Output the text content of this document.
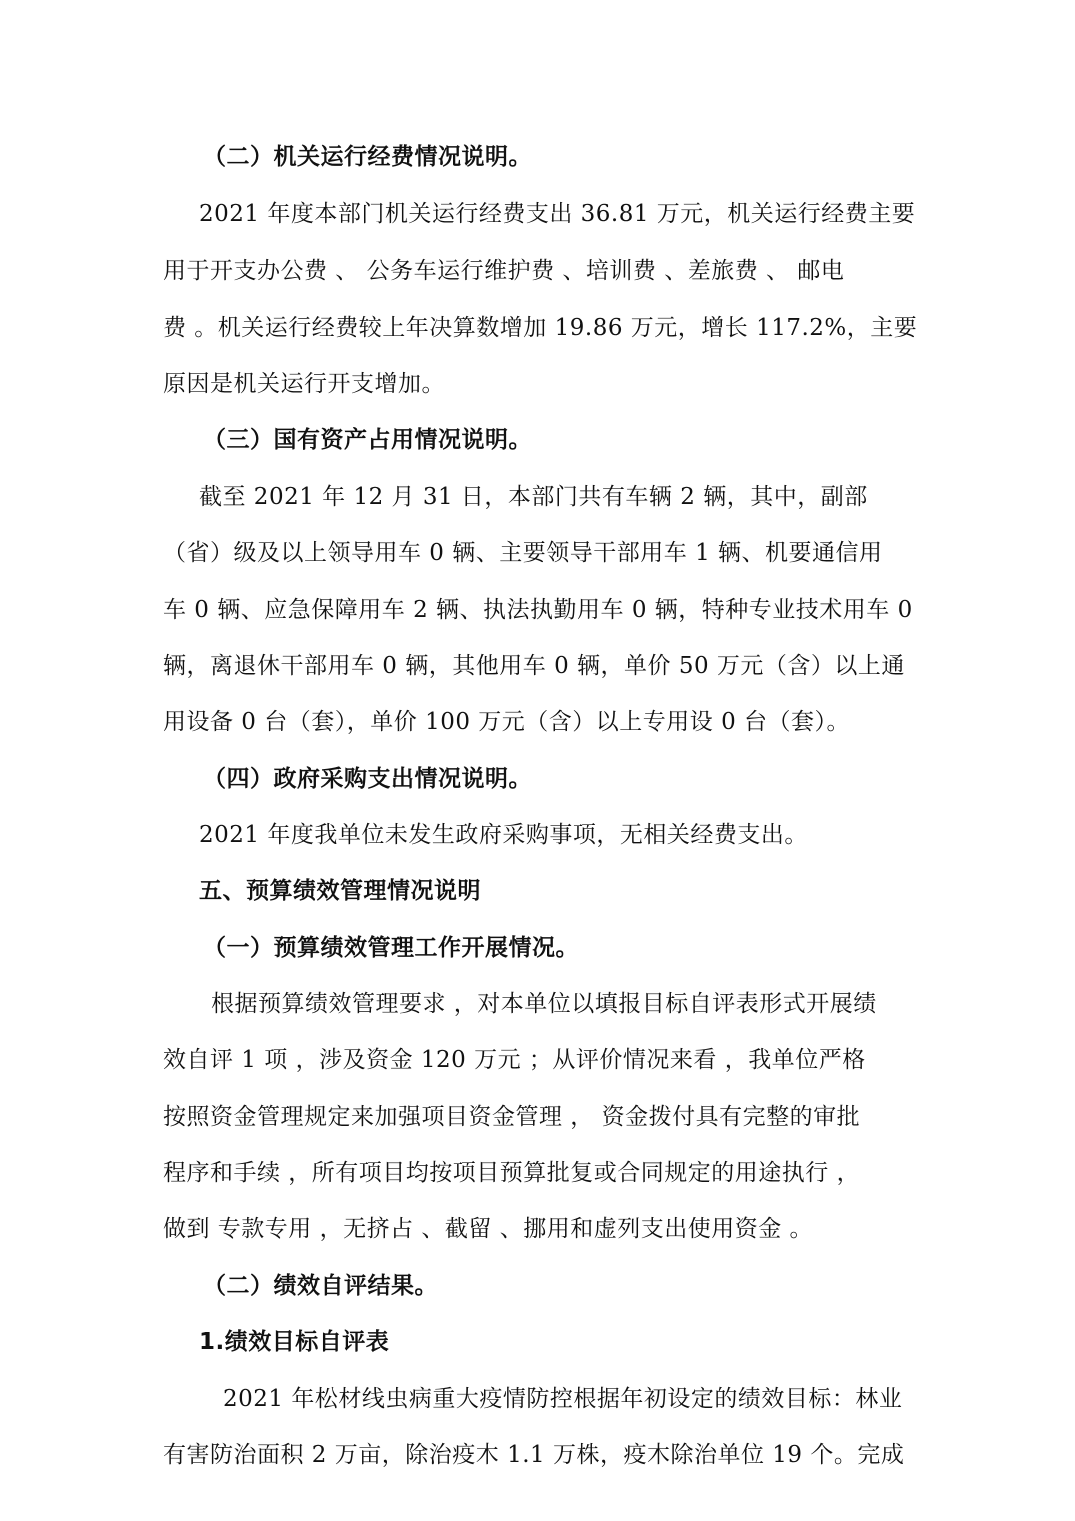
（二）机关运行经费情况说明。
2021 年度本部门机关运行经费支出 36.81 万元，机关运行经费主要
用于开支办公费 、 公务车运行维护费 、培训费 、差旅费 、 邮电
费 。机关运行经费较上年决算数增加 19.86 万元，增长 117.2%，主要
原因是机关运行开支增加。
（三）国有资产占用情况说明。
截至 2021 年 12 月 31 日，本部门共有车辆 2 辆，其中，副部
（省）级及以上领导用车 0 辆、主要领导干部用车 1 辆、机要通信用
车 0 辆、应急保障用车 2 辆、执法执勤用车 0 辆，特种专业技术用车 0
辆，离退休干部用车 0 辆，其他用车 0 辆，单价 50 万元（含）以上通
用设备 0 台（套），单价 100 万元（含）以上专用设 0 台（套）。
（四）政府采购支出情况说明。
2021 年度我单位未发生政府采购事项，无相关经费支出。
五、预算绩效管理情况说明
（一）预算绩效管理工作开展情况。
根据预算绩效管理要求 ，对本单位以填报目标自评表形式开展绩
效自评 1 项 ，涉及资金 120 万元 ；从评价情况来看 ，我单位严格
按照资金管理规定来加强项目资金管理 ， 资金拨付具有完整的审批
程序和手续 ，所有项目均按项目预算批复或合同规定的用途执行 ，
做到 专款专用 ，无挤占 、截留 、挪用和虚列支出使用资金 。
（二）绩效自评结果。
1.绩效目标自评表
2021 年松材线虫病重大疫情防控根据年初设定的绩效目标：林业
有害防治面积 2 万亩，除治疫木 1.1 万株，疫木除治单位 19 个。完成
